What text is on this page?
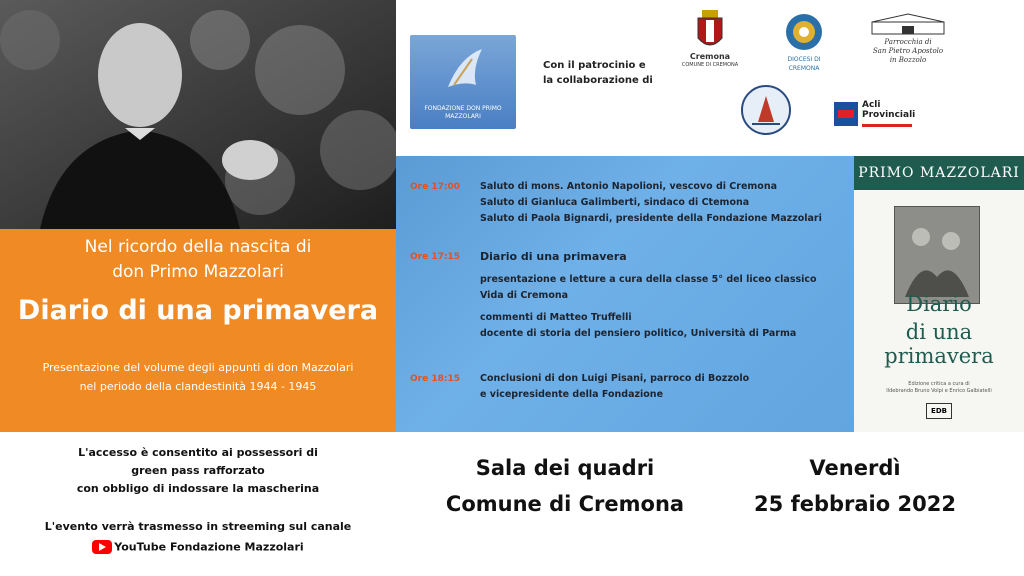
Nel ricordo della nascita di
don Primo Mazzolari
Diario di una primavera
Presentazione del volume degli appunti di don Mazzolari
nel periodo della clandestinità 1944 - 1945
FONDAZIONE DON PRIMO MAZZOLARI
Con il patrocinio e
la collaborazione di
Cremona
COMUNE DI CREMONA
DIOCESI DI CREMONA
Parrocchia di
San Pietro Apostolo
in Bozzolo
Acli
Provinciali
Ore 17:00 Saluto di mons. Antonio Napolioni, vescovo di Cremona
Saluto di Gianluca Galimberti, sindaco di Ctemona
Saluto di Paola Bignardi, presidente della Fondazione Mazzolari
Ore 17:15 Diario di una primavera
presentazione e letture a cura della classe 5° del liceo classico
Vida di Cremona
commenti di Matteo Truffelli
docente di storia del pensiero politico, Università di Parma
Ore 18:15 Conclusioni di don Luigi Pisani, parroco di Bozzolo
e vicepresidente della Fondazione
PRIMO MAZZOLARI
Diario
di una primavera
Edizione critica a cura di
Ildebrando Bruno Volpi e Enrico Galbiatelli
EDB
L'accesso è consentito ai possessori di
green pass rafforzato
con obbligo di indossare la mascherina
L'evento verrà trasmesso in streeming sul canale
YouTube Fondazione Mazzolari
Sala dei quadri
Comune di Cremona
Venerdì
25 febbraio 2022
